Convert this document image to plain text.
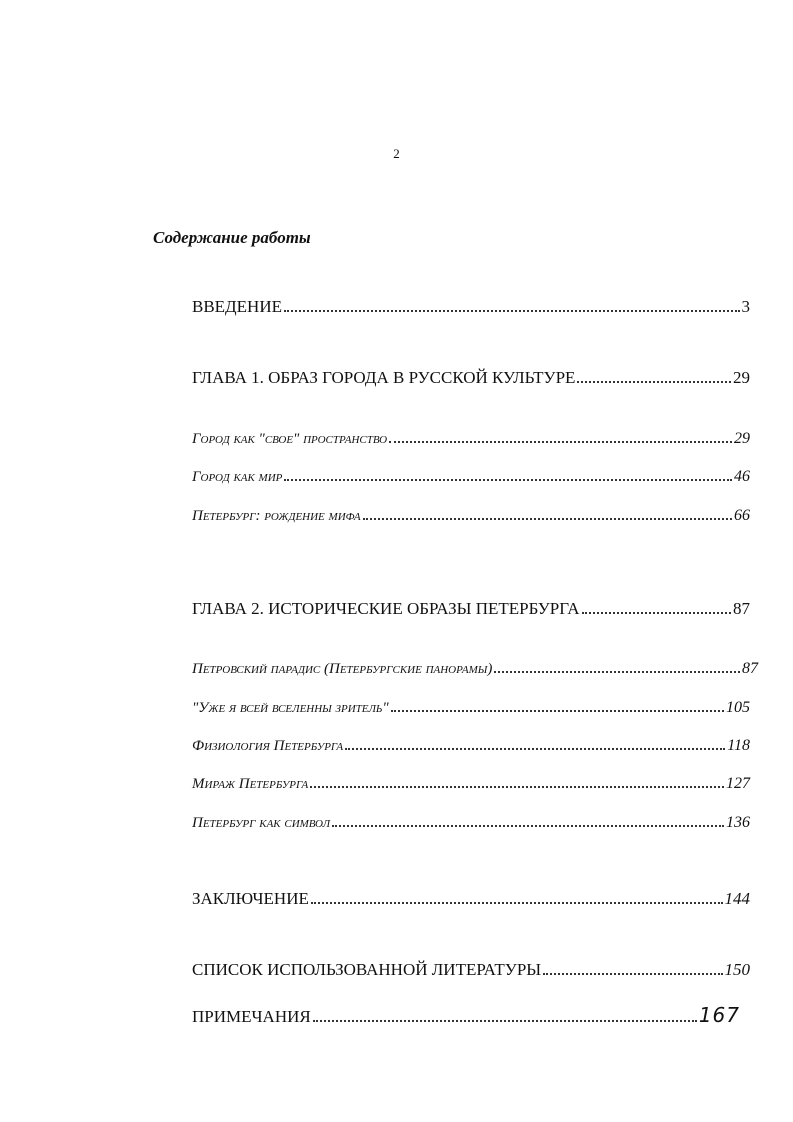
2
Содержание работы
ВВЕДЕНИЕ	3
ГЛАВА 1. ОБРАЗ ГОРОДА В РУССКОЙ КУЛЬТУРЕ	29
Город как "свое" пространство	29
Город как мир	46
Петербург: рождение мифа	66
ГЛАВА 2. ИСТОРИЧЕСКИЕ ОБРАЗЫ ПЕТЕРБУРГА	87
Петровский парадис (Петербургские панорамы)	87
"Уже я всей вселенны зритель"	105
Физиология Петербурга	118
Мираж Петербурга	127
Петербург как символ	136
ЗАКЛЮЧЕНИЕ	144
СПИСОК ИСПОЛЬЗОВАННОЙ ЛИТЕРАТУРЫ	150
ПРИМЕЧАНИЯ	167
